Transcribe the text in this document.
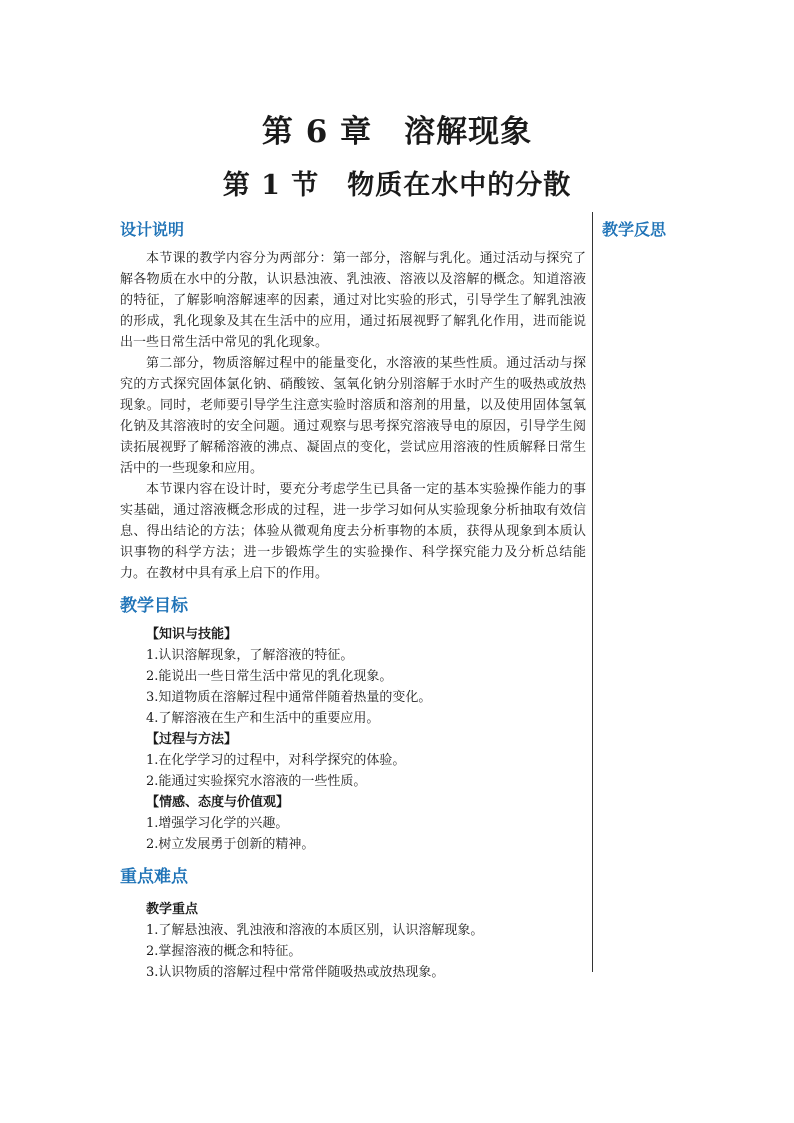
第 6 章　溶解现象
第 1 节　物质在水中的分散
设计说明

本节课的教学内容分为两部分：第一部分，溶解与乳化。通过活动与探究了解各物质在水中的分散，认识悬浊液、乳浊液、溶液以及溶解的概念。知道溶液的特征，了解影响溶解速率的因素，通过对比实验的形式，引导学生了解乳浊液的形成，乳化现象及其在生活中的应用，通过拓展视野了解乳化作用，进而能说出一些日常生活中常见的乳化现象。

第二部分，物质溶解过程中的能量变化，水溶液的某些性质。通过活动与探究的方式探究固体氯化钠、硝酸铵、氢氧化钠分别溶解于水时产生的吸热或放热现象。同时，老师要引导学生注意实验时溶质和溶剂的用量，以及使用固体氢氧化钠及其溶液时的安全问题。通过观察与思考探究溶液导电的原因，引导学生阅读拓展视野了解稀溶液的沸点、凝固点的变化，尝试应用溶液的性质解释日常生活中的一些现象和应用。

本节课内容在设计时，要充分考虑学生已具备一定的基本实验操作能力的事实基础，通过溶液概念形成的过程，进一步学习如何从实验现象分析抽取有效信息、得出结论的方法；体验从微观角度去分析事物的本质，获得从现象到本质认识事物的科学方法；进一步锻炼学生的实验操作、科学探究能力及分析总结能力。在教材中具有承上启下的作用。

教学目标

【知识与技能】

1.认识溶解现象，了解溶液的特征。

2.能说出一些日常生活中常见的乳化现象。

3.知道物质在溶解过程中通常伴随着热量的变化。

4.了解溶液在生产和生活中的重要应用。

【过程与方法】

1.在化学学习的过程中，对科学探究的体验。

2.能通过实验探究水溶液的一些性质。

【情感、态度与价值观】

1.增强学习化学的兴趣。

2.树立发展勇于创新的精神。

重点难点

教学重点

1.了解悬浊液、乳浊液和溶液的本质区别，认识溶解现象。

2.掌握溶液的概念和特征。

3.认识物质的溶解过程中常常伴随吸热或放热现象。

教学反思
